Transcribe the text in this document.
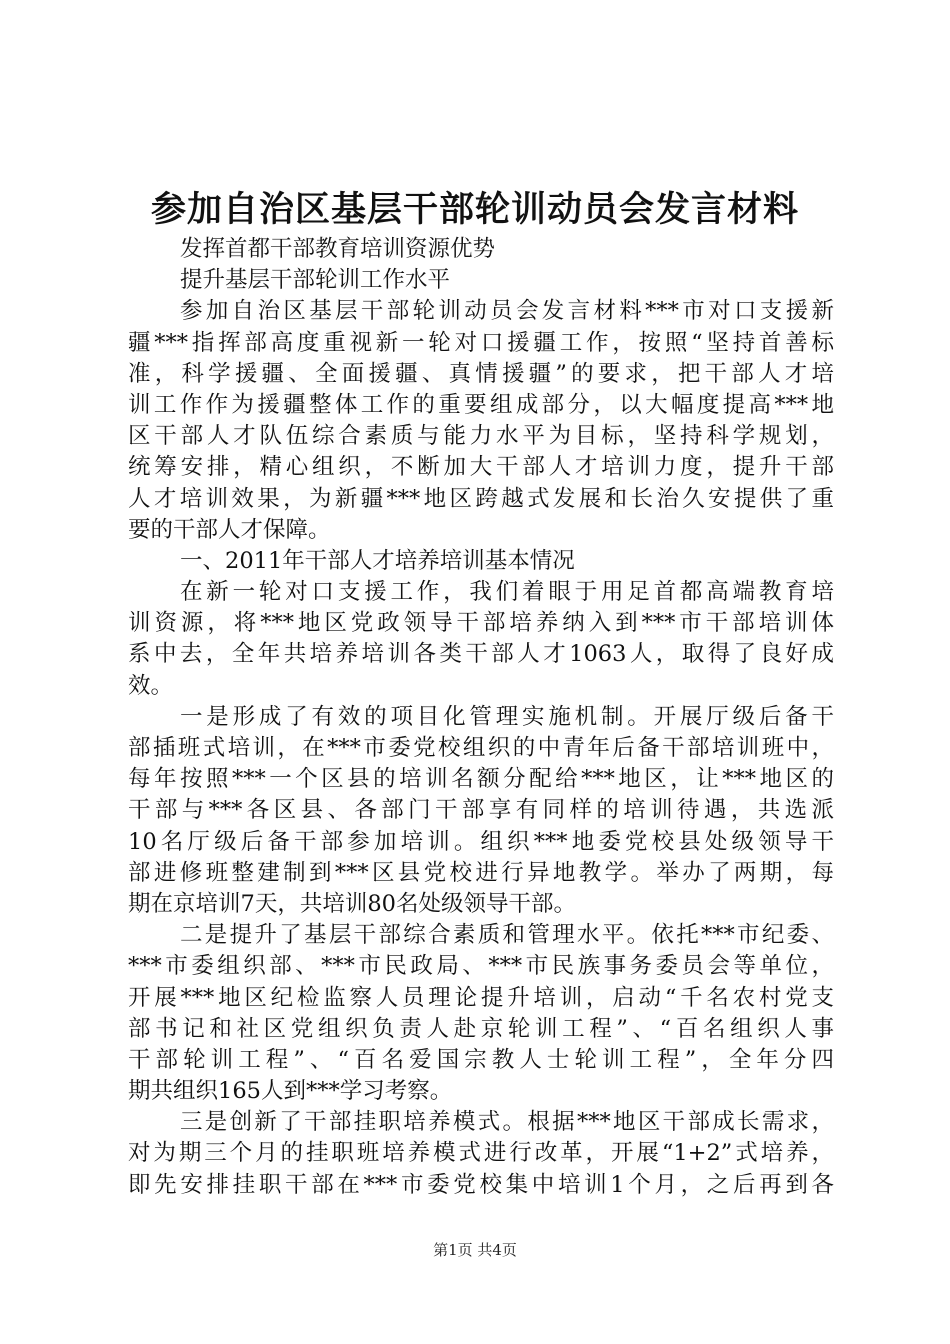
参加自治区基层干部轮训动员会发言材料
发挥首都干部教育培训资源优势
提升基层干部轮训工作水平
参加自治区基层干部轮训动员会发言材料***市对口支援新
疆***指挥部高度重视新一轮对口援疆工作，按照“坚持首善标
准，科学援疆、全面援疆、真情援疆”的要求，把干部人才培
训工作作为援疆整体工作的重要组成部分，以大幅度提高***地
区干部人才队伍综合素质与能力水平为目标，坚持科学规划，
统筹安排，精心组织，不断加大干部人才培训力度，提升干部
人才培训效果，为新疆***地区跨越式发展和长治久安提供了重
要的干部人才保障。
一、2011年干部人才培养培训基本情况
在新一轮对口支援工作，我们着眼于用足首都高端教育培
训资源，将***地区党政领导干部培养纳入到***市干部培训体
系中去，全年共培养培训各类干部人才1063人，取得了良好成
效。
一是形成了有效的项目化管理实施机制。开展厅级后备干
部插班式培训，在***市委党校组织的中青年后备干部培训班中，
每年按照***一个区县的培训名额分配给***地区，让***地区的
干部与***各区县、各部门干部享有同样的培训待遇，共选派
10名厅级后备干部参加培训。组织***地委党校县处级领导干
部进修班整建制到***区县党校进行异地教学。举办了两期，每
期在京培训7天，共培训80名处级领导干部。
二是提升了基层干部综合素质和管理水平。依托***市纪委、
***市委组织部、***市民政局、***市民族事务委员会等单位，
开展***地区纪检监察人员理论提升培训，启动“千名农村党支
部书记和社区党组织负责人赴京轮训工程”、“百名组织人事
干部轮训工程”、“百名爱国宗教人士轮训工程”，全年分四
期共组织165人到***学习考察。
三是创新了干部挂职培养模式。根据***地区干部成长需求，
对为期三个月的挂职班培养模式进行改革，开展“1+2”式培养，
即先安排挂职干部在***市委党校集中培训1个月，之后再到各
第1页 共4页
